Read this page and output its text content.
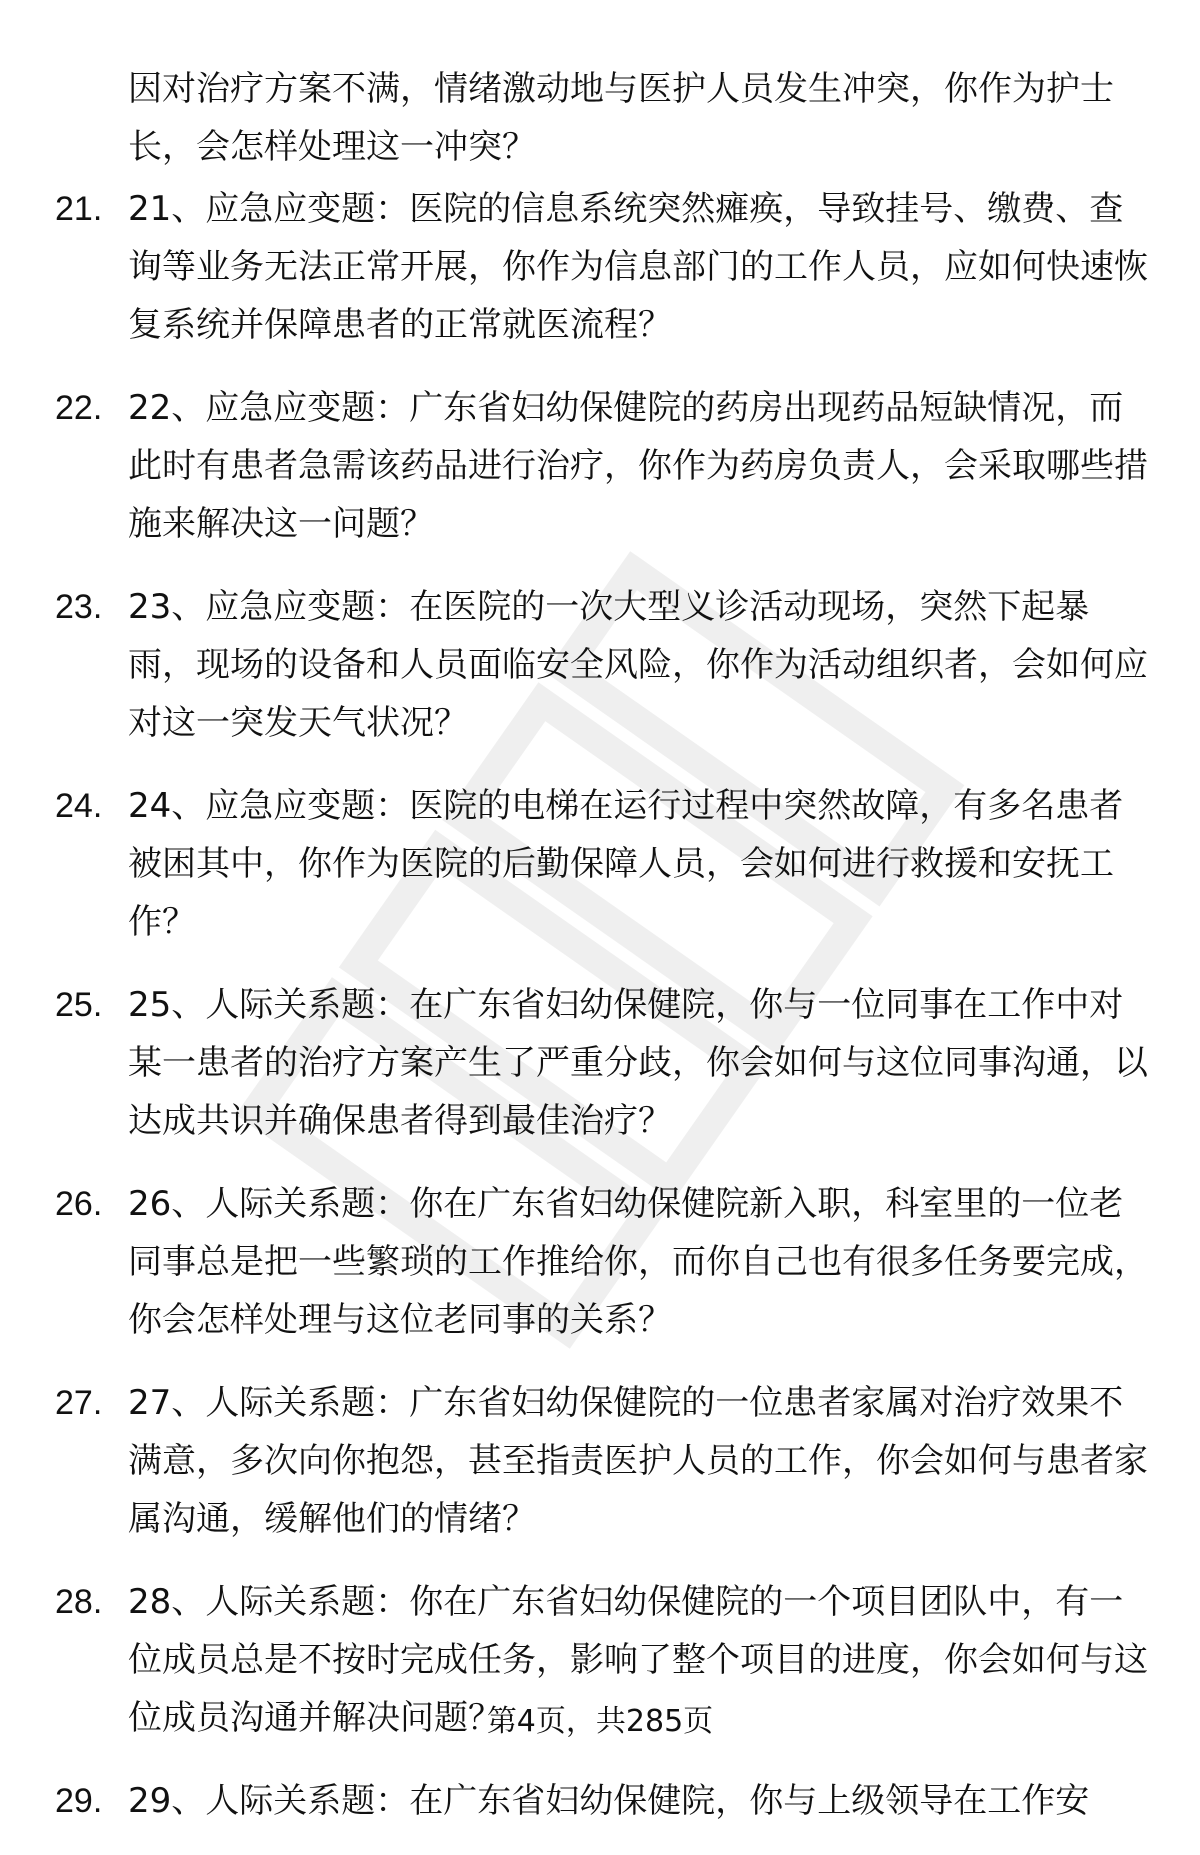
因对治疗方案不满，情绪激动地与医护人员发生冲突，你作为护士长，会怎样处理这一冲突？
21. 21、应急应变题：医院的信息系统突然瘫痪，导致挂号、缴费、查询等业务无法正常开展，你作为信息部门的工作人员，应如何快速恢复系统并保障患者的正常就医流程？
22. 22、应急应变题：广东省妇幼保健院的药房出现药品短缺情况，而此时有患者急需该药品进行治疗，你作为药房负责人，会采取哪些措施来解决这一问题？
23. 23、应急应变题：在医院的一次大型义诊活动现场，突然下起暴雨，现场的设备和人员面临安全风险，你作为活动组织者，会如何应对这一突发天气状况？
24. 24、应急应变题：医院的电梯在运行过程中突然故障，有多名患者被困其中，你作为医院的后勤保障人员，会如何进行救援和安抚工作？
25. 25、人际关系题：在广东省妇幼保健院，你与一位同事在工作中对某一患者的治疗方案产生了严重分歧，你会如何与这位同事沟通，以达成共识并确保患者得到最佳治疗？
26. 26、人际关系题：你在广东省妇幼保健院新入职，科室里的一位老同事总是把一些繁琐的工作推给你，而你自己也有很多任务要完成，你会怎样处理与这位老同事的关系？
27. 27、人际关系题：广东省妇幼保健院的一位患者家属对治疗效果不满意，多次向你抱怨，甚至指责医护人员的工作，你会如何与患者家属沟通，缓解他们的情绪？
28. 28、人际关系题：你在广东省妇幼保健院的一个项目团队中，有一位成员总是不按时完成任务，影响了整个项目的进度，你会如何与这位成员沟通并解决问题？
29. 29、人际关系题：在广东省妇幼保健院，你与上级领导在工作安
第4页，共285页
